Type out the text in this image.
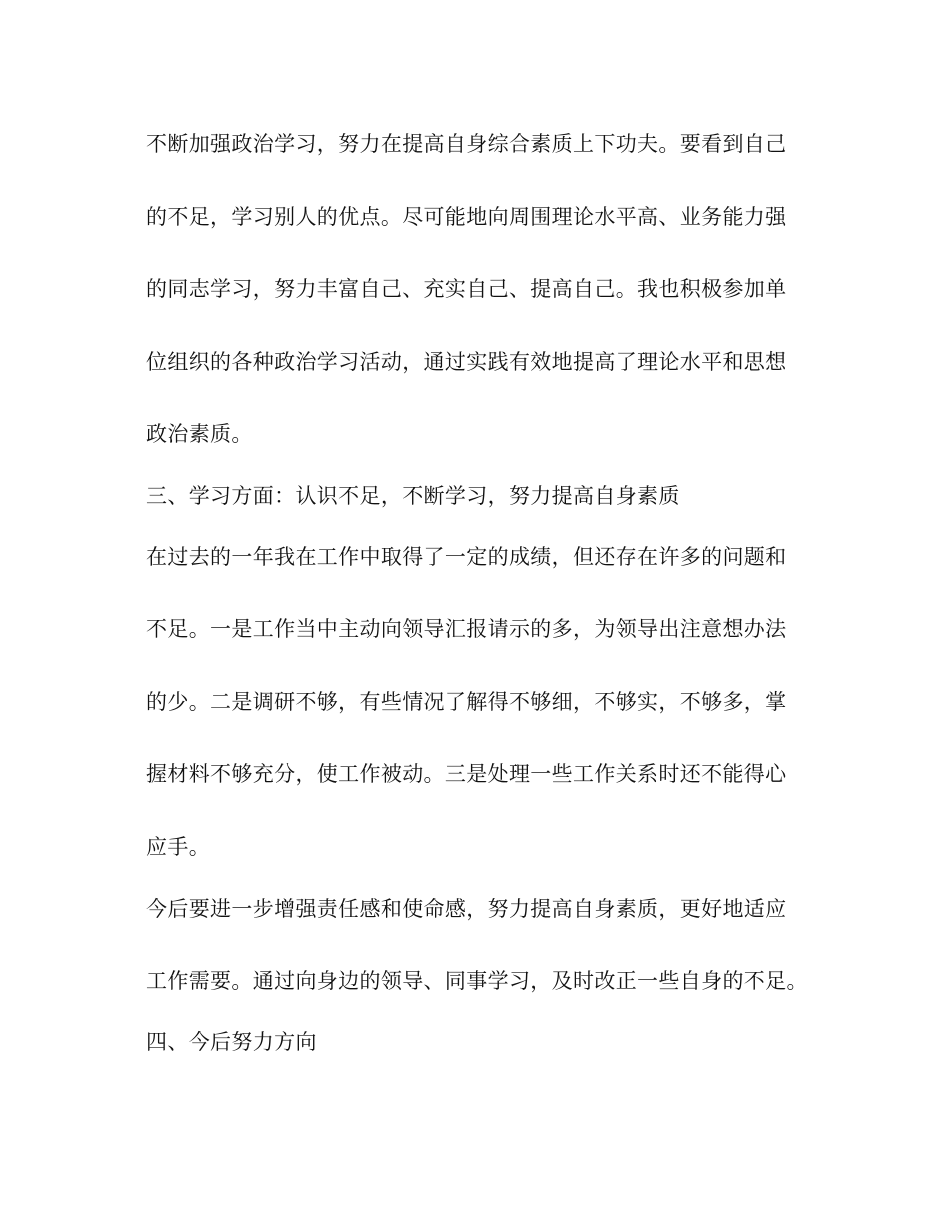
不断加强政治学习，努力在提高自身综合素质上下功夫。要看到自己
的不足，学习别人的优点。尽可能地向周围理论水平高、业务能力强
的同志学习，努力丰富自己、充实自己、提高自己。我也积极参加单
位组织的各种政治学习活动，通过实践有效地提高了理论水平和思想
政治素质。
三、学习方面：认识不足，不断学习，努力提高自身素质
在过去的一年我在工作中取得了一定的成绩，但还存在许多的问题和
不足。一是工作当中主动向领导汇报请示的多，为领导出注意想办法
的少。二是调研不够，有些情况了解得不够细，不够实，不够多，掌
握材料不够充分，使工作被动。三是处理一些工作关系时还不能得心
应手。
今后要进一步增强责任感和使命感，努力提高自身素质，更好地适应
工作需要。通过向身边的领导、同事学习，及时改正一些自身的不足。
四、今后努力方向
